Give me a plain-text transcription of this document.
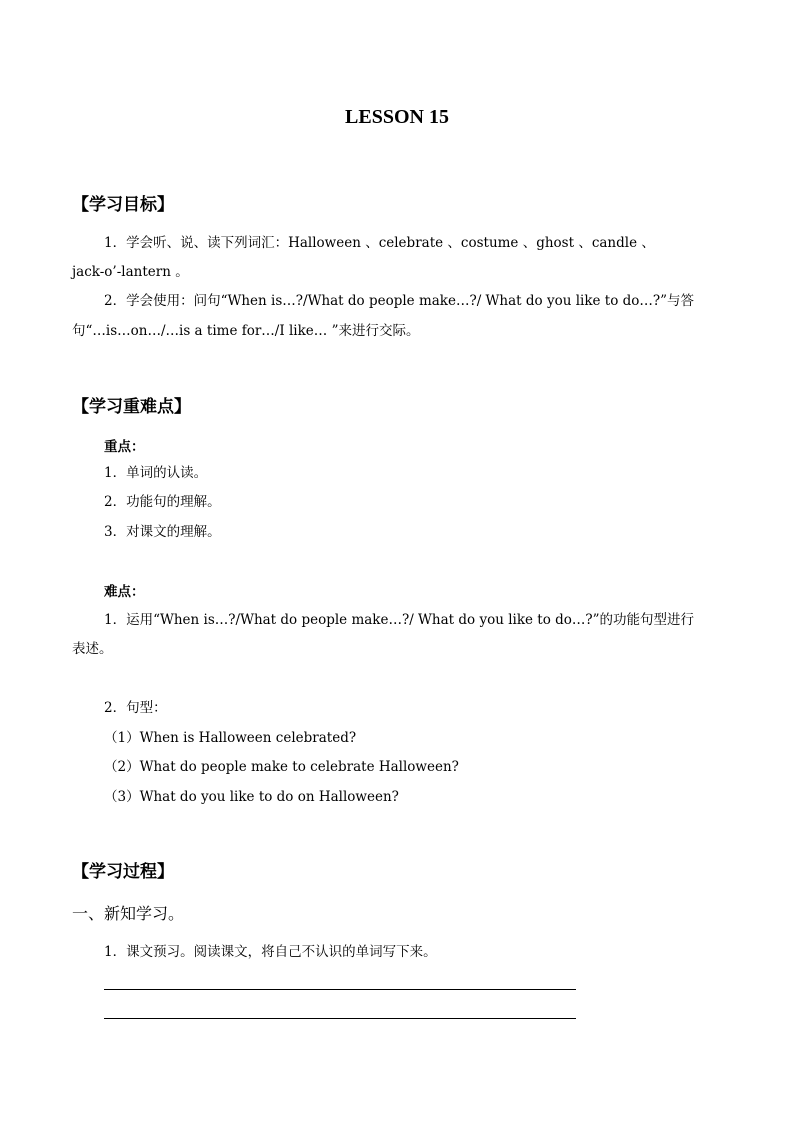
LESSON 15
【学习目标】
1．学会听、说、读下列词汇：Halloween 、celebrate 、costume 、ghost 、candle 、
jack-o’-lantern 。
2．学会使用：问句“When is…?/What do people make…?/ What do you like to do…?”与答
句“…is…on…/…is a time for…/I like… ”来进行交际。
【学习重难点】
重点：
1．单词的认读。
2．功能句的理解。
3．对课文的理解。
难点：
1．运用“When is…?/What do people make…?/ What do you like to do…?”的功能句型进行
表述。
2．句型：
（1）When is Halloween celebrated?
（2）What do people make to celebrate Halloween?
（3）What do you like to do on Halloween?
【学习过程】
一、新知学习。
1．课文预习。阅读课文，将自己不认识的单词写下来。
